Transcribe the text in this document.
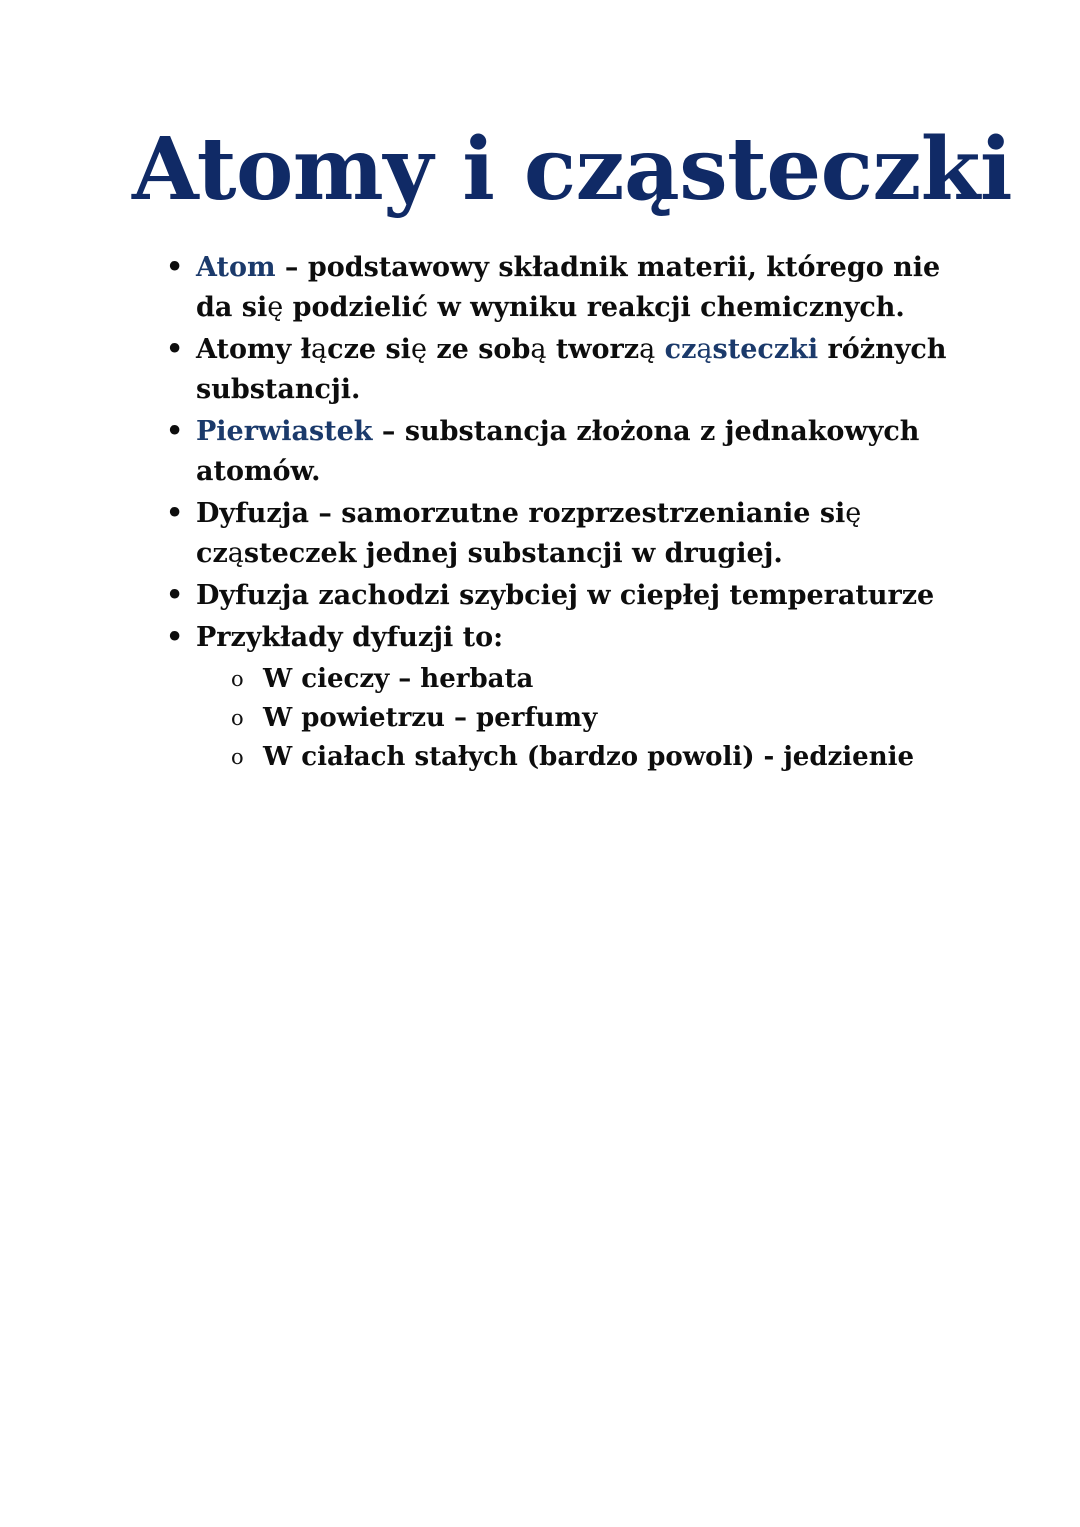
Atomy i cząsteczki
• Atom – podstawowy składnik materii, którego nie da się podzielić w wyniku reakcji chemicznych.
• Atomy łącze się ze sobą tworzą cząsteczki różnych substancji.
• Pierwiastek – substancja złożona z jednakowych atomów.
• Dyfuzja – samorzutne rozprzestrzenianie się cząsteczek jednej substancji w drugiej.
• Dyfuzja zachodzi szybciej w ciepłej temperaturze
• Przykłady dyfuzji to:
o W cieczy – herbata
o W powietrzu – perfumy
o W ciałach stałych (bardzo powoli) - jedzienie
